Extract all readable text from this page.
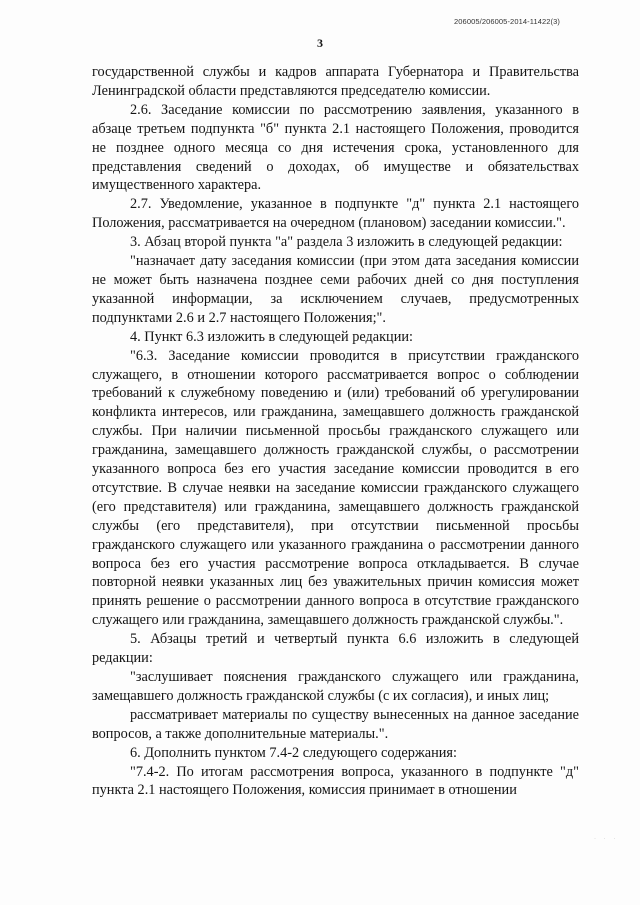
206005/206005-2014-11422(3)
3

государственной службы и кадров аппарата Губернатора и Правительства Ленинградской области представляются председателю комиссии.

2.6. Заседание комиссии по рассмотрению заявления, указанного в абзаце третьем подпункта "б" пункта 2.1 настоящего Положения, проводится не позднее одного месяца со дня истечения срока, установленного для представления сведений о доходах, об имуществе и обязательствах имущественного характера.

2.7. Уведомление, указанное в подпункте "д" пункта 2.1 настоящего Положения, рассматривается на очередном (плановом) заседании комиссии.".

3. Абзац второй пункта "а" раздела 3 изложить в следующей редакции:

"назначает дату заседания комиссии (при этом дата заседания комиссии не может быть назначена позднее семи рабочих дней со дня поступления указанной информации, за исключением случаев, предусмотренных подпунктами 2.6 и 2.7 настоящего Положения;".

4. Пункт 6.3 изложить в следующей редакции:

"6.3. Заседание комиссии проводится в присутствии гражданского служащего, в отношении которого рассматривается вопрос о соблюдении требований к служебному поведению и (или) требований об урегулировании конфликта интересов, или гражданина, замещавшего должность гражданской службы. При наличии письменной просьбы гражданского служащего или гражданина, замещавшего должность гражданской службы, о рассмотрении указанного вопроса без его участия заседание комиссии проводится в его отсутствие. В случае неявки на заседание комиссии гражданского служащего (его представителя) или гражданина, замещавшего должность гражданской службы (его представителя), при отсутствии письменной просьбы гражданского служащего или указанного гражданина о рассмотрении данного вопроса без его участия рассмотрение вопроса откладывается. В случае повторной неявки указанных лиц без уважительных причин комиссия может принять решение о рассмотрении данного вопроса в отсутствие гражданского служащего или гражданина, замещавшего должность гражданской службы.".

5. Абзацы третий и четвертый пункта 6.6 изложить в следующей редакции:

"заслушивает пояснения гражданского служащего или гражданина, замещавшего должность гражданской службы (с их согласия), и иных лиц;

рассматривает материалы по существу вынесенных на данное заседание вопросов, а также дополнительные материалы.".

6. Дополнить пунктом 7.4-2 следующего содержания:

"7.4-2. По итогам рассмотрения вопроса, указанного в подпункте "д" пункта 2.1 настоящего Положения, комиссия принимает в отношении

· · ·
